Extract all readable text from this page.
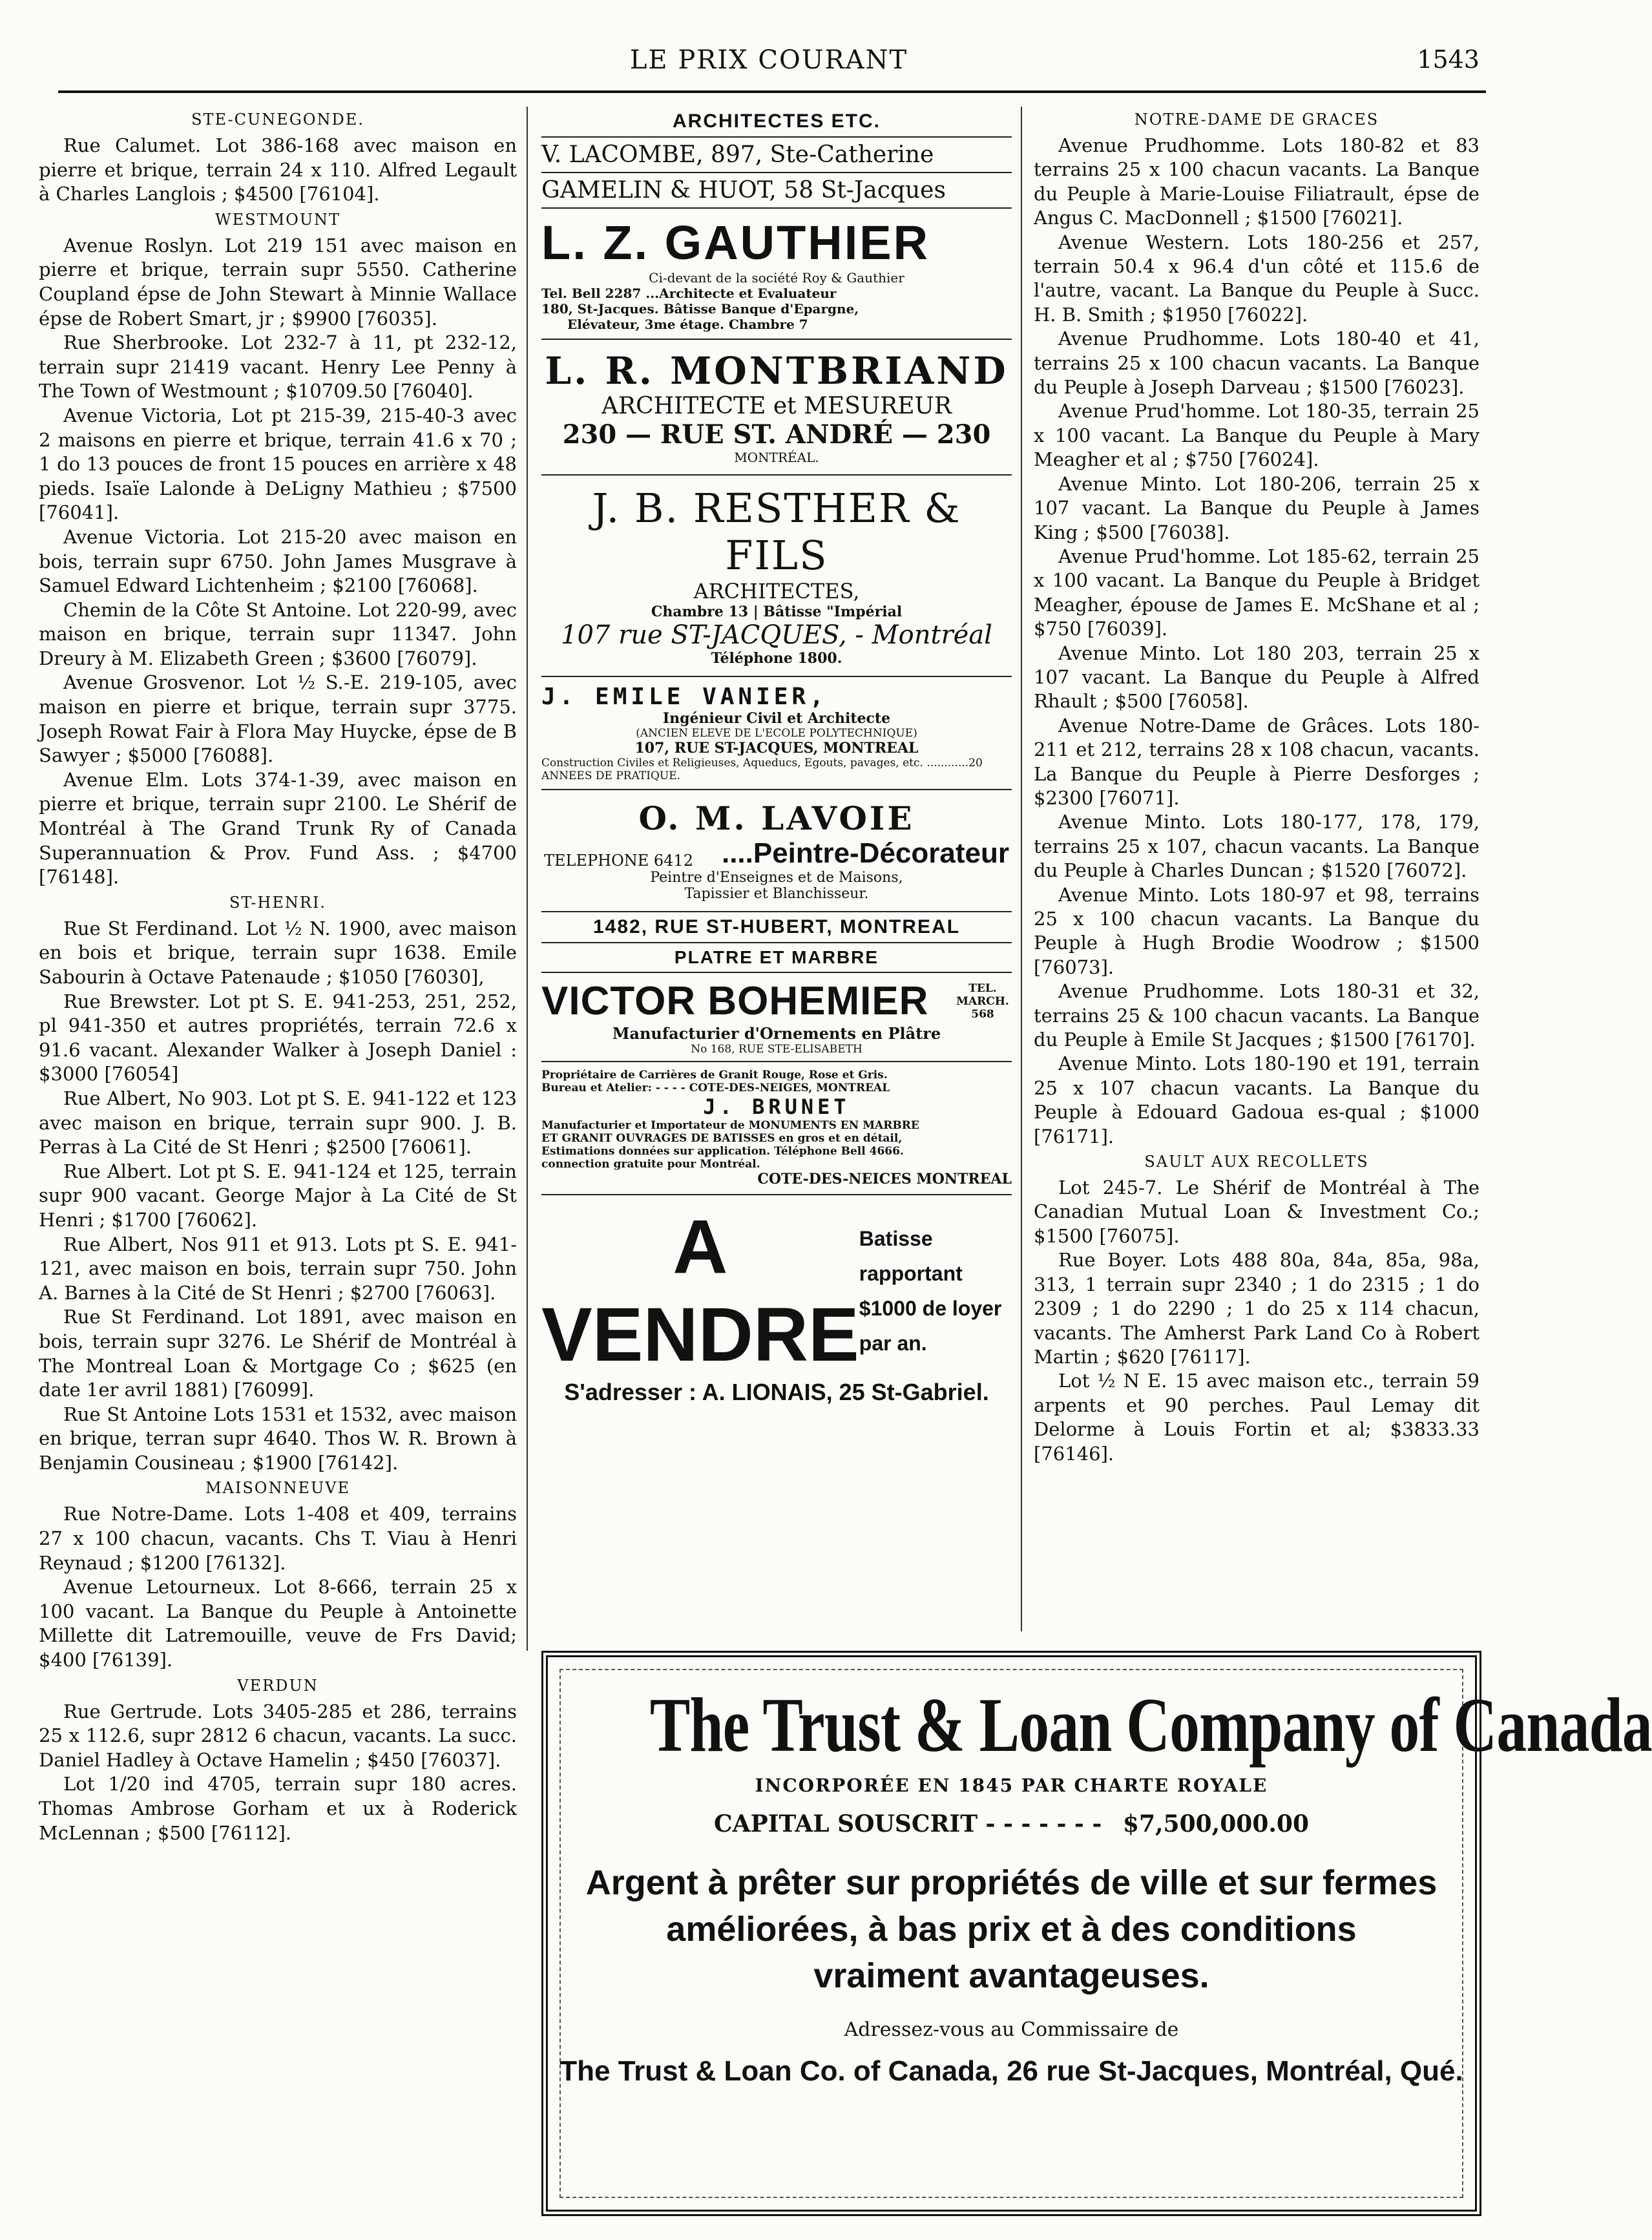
LE PRIX COURANT	1543
STE-CUNEGONDE.

Rue Calumet. Lot 386-168 avec maison en pierre et brique, terrain 24 x 110. Alfred Legault à Charles Langlois ; $4500 [76104].

WESTMOUNT

Avenue Roslyn. Lot 219 151 avec maison en pierre et brique, terrain supr 5550. Catherine Coupland épse de John Stewart à Minnie Wallace épse de Robert Smart, jr ; $9900 [76035].

Rue Sherbrooke. Lot 232-7 à 11, pt 232-12, terrain supr 21419 vacant. Henry Lee Penny à The Town of Westmount ; $10709.50 [76040].

Avenue Victoria, Lot pt 215-39, 215-40-3 avec 2 maisons en pierre et brique, terrain 41.6 x 70 ; 1 do 13 pouces de front 15 pouces en arrière x 48 pieds. Isaïe Lalonde à DeLigny Mathieu ; $7500 [76041].

Avenue Victoria. Lot 215-20 avec maison en bois, terrain supr 6750. John James Musgrave à Samuel Edward Lichtenheim ; $2100 [76068].

Chemin de la Côte St Antoine. Lot 220-99, avec maison en brique, terrain supr 11347. John Dreury à M. Elizabeth Green ; $3600 [76079].

Avenue Grosvenor. Lot ½ S.-E. 219-105, avec maison en pierre et brique, terrain supr 3775. Joseph Rowat Fair à Flora May Huycke, épse de B Sawyer ; $5000 [76088].

Avenue Elm. Lots 374-1-39, avec maison en pierre et brique, terrain supr 2100. Le Shérif de Montréal à The Grand Trunk Ry of Canada Superannuation & Prov. Fund Ass. ; $4700 [76148].

ST-HENRI.

Rue St Ferdinand. Lot ½ N. 1900, avec maison en bois et brique, terrain supr 1638. Emile Sabourin à Octave Patenaude ; $1050 [76030],

Rue Brewster. Lot pt S. E. 941-253, 251, 252, pl 941-350 et autres propriétés, terrain 72.6 x 91.6 vacant. Alexander Walker à Joseph Daniel : $3000 [76054]

Rue Albert, No 903. Lot pt S. E. 941-122 et 123 avec maison en brique, terrain supr 900. J. B. Perras à La Cité de St Henri ; $2500 [76061].

Rue Albert. Lot pt S. E. 941-124 et 125, terrain supr 900 vacant. George Major à La Cité de St Henri ; $1700 [76062].

Rue Albert, Nos 911 et 913. Lots pt S. E. 941-121, avec maison en bois, terrain supr 750. John A. Barnes à la Cité de St Henri ; $2700 [76063].

Rue St Ferdinand. Lot 1891, avec maison en bois, terrain supr 3276. Le Shérif de Montréal à The Montreal Loan & Mortgage Co ; $625 (en date 1er avril 1881) [76099].

Rue St Antoine Lots 1531 et 1532, avec maison en brique, terran supr 4640. Thos W. R. Brown à Benjamin Cousineau ; $1900 [76142].

MAISONNEUVE

Rue Notre-Dame. Lots 1-408 et 409, terrains 27 x 100 chacun, vacants. Chs T. Viau à Henri Reynaud ; $1200 [76132].

Avenue Letourneux. Lot 8-666, terrain 25 x 100 vacant. La Banque du Peuple à Antoinette Millette dit Latremouille, veuve de Frs David; $400 [76139].

VERDUN

Rue Gertrude. Lots 3405-285 et 286, terrains 25 x 112.6, supr 2812 6 chacun, vacants. La succ. Daniel Hadley à Octave Hamelin ; $450 [76037].

Lot 1/20 ind 4705, terrain supr 180 acres. Thomas Ambrose Gorham et ux à Roderick McLennan ; $500 [76112].

ARCHITECTES ETC.
V. LACOMBE, 897, Ste-Catherine
GAMELIN & HUOT, 58 St-Jacques
L. Z. GAUTHIER
Ci-devant de la société Roy & Gauthier
Tel. Bell 2287 ...Architecte et Evaluateur
180, St-Jacques. Bâtisse Banque d'Epargne,
Elévateur, 3me étage. Chambre 7
L. R. MONTBRIAND
ARCHITECTE et MESUREUR
230 — RUE ST. ANDRÉ — 230
MONTRÉAL.
J. B. RESTHER & FILS
ARCHITECTES,
Chambre 13 | Bâtisse "Impérial
107 rue ST-JACQUES, - Montréal
Téléphone 1800.
J. EMILE VANIER,
Ingénieur Civil et Architecte
(ANCIEN ELEVE DE L'ECOLE POLYTECHNIQUE)
107, RUE ST-JACQUES, MONTREAL
Construction Civiles et Religieuses, Aqueducs, Egouts, pavages, etc. ............20 ANNEES DE PRATIQUE.
O. M. LAVOIE
TELEPHONE 6412 ....Peintre-Décorateur
Peintre d'Enseignes et de Maisons,
Tapissier et Blanchisseur.
1482, RUE ST-HUBERT, MONTREAL
PLATRE ET MARBRE
VICTOR BOHEMIER	TEL. MARCH. 568
Manufacturier d'Ornements en Plâtre
No 168, RUE STE-ELISABETH
Propriétaire de Carrières de Granit Rouge, Rose et Gris.
Bureau et Atelier: - - - - COTE-DES-NEIGES, MONTREAL
J. BRUNET
Manufacturier et Importateur de MONUMENTS EN MARBRE
ET GRANIT OUVRAGES DE BATISSES en gros et en détail,
Estimations données sur application. Téléphone Bell 4666.
connection gratuite pour Montréal.
COTE-DES-NEICES MONTREAL
A VENDRE
Batisse rapportant
$1000 de loyer par an.
S'adresser : A. LIONAIS, 25 St-Gabriel.
NOTRE-DAME DE GRACES

Avenue Prudhomme. Lots 180-82 et 83 terrains 25 x 100 chacun vacants. La Banque du Peuple à Marie-Louise Filiatrault, épse de Angus C. MacDonnell ; $1500 [76021].

Avenue Western. Lots 180-256 et 257, terrain 50.4 x 96.4 d'un côté et 115.6 de l'autre, vacant. La Banque du Peuple à Succ. H. B. Smith ; $1950 [76022].

Avenue Prudhomme. Lots 180-40 et 41, terrains 25 x 100 chacun vacants. La Banque du Peuple à Joseph Darveau ; $1500 [76023].

Avenue Prud'homme. Lot 180-35, terrain 25 x 100 vacant. La Banque du Peuple à Mary Meagher et al ; $750 [76024].

Avenue Minto. Lot 180-206, terrain 25 x 107 vacant. La Banque du Peuple à James King ; $500 [76038].

Avenue Prud'homme. Lot 185-62, terrain 25 x 100 vacant. La Banque du Peuple à Bridget Meagher, épouse de James E. McShane et al ; $750 [76039].

Avenue Minto. Lot 180 203, terrain 25 x 107 vacant. La Banque du Peuple à Alfred Rhault ; $500 [76058].

Avenue Notre-Dame de Grâces. Lots 180-211 et 212, terrains 28 x 108 chacun, vacants. La Banque du Peuple à Pierre Desforges ; $2300 [76071].

Avenue Minto. Lots 180-177, 178, 179, terrains 25 x 107, chacun vacants. La Banque du Peuple à Charles Duncan ; $1520 [76072].

Avenue Minto. Lots 180-97 et 98, terrains 25 x 100 chacun vacants. La Banque du Peuple à Hugh Brodie Woodrow ; $1500 [76073].

Avenue Prudhomme. Lots 180-31 et 32, terrains 25 & 100 chacun vacants. La Banque du Peuple à Emile St Jacques ; $1500 [76170].

Avenue Minto. Lots 180-190 et 191, terrain 25 x 107 chacun vacants. La Banque du Peuple à Edouard Gadoua es-qual ; $1000 [76171].

SAULT AUX RECOLLETS

Lot 245-7. Le Shérif de Montréal à The Canadian Mutual Loan & Investment Co.; $1500 [76075].

Rue Boyer. Lots 488 80a, 84a, 85a, 98a, 313, 1 terrain supr 2340 ; 1 do 2315 ; 1 do 2309 ; 1 do 2290 ; 1 do 25 x 114 chacun, vacants. The Amherst Park Land Co à Robert Martin ; $620 [76117].

Lot ½ N E. 15 avec maison etc., terrain 59 arpents et 90 perches. Paul Lemay dit Delorme à Louis Fortin et al; $3833.33 [76146].

The Trust & Loan Company of Canada
INCORPORÉE EN 1845 PAR CHARTE ROYALE
CAPITAL SOUSCRIT - - - - - - - $7,500,000.00
Argent à prêter sur propriétés de ville et sur fermes
améliorées, à bas prix et à des conditions
vraiment avantageuses.
Adressez-vous au Commissaire de
The Trust & Loan Co. of Canada, 26 rue St-Jacques, Montréal, Qué.
